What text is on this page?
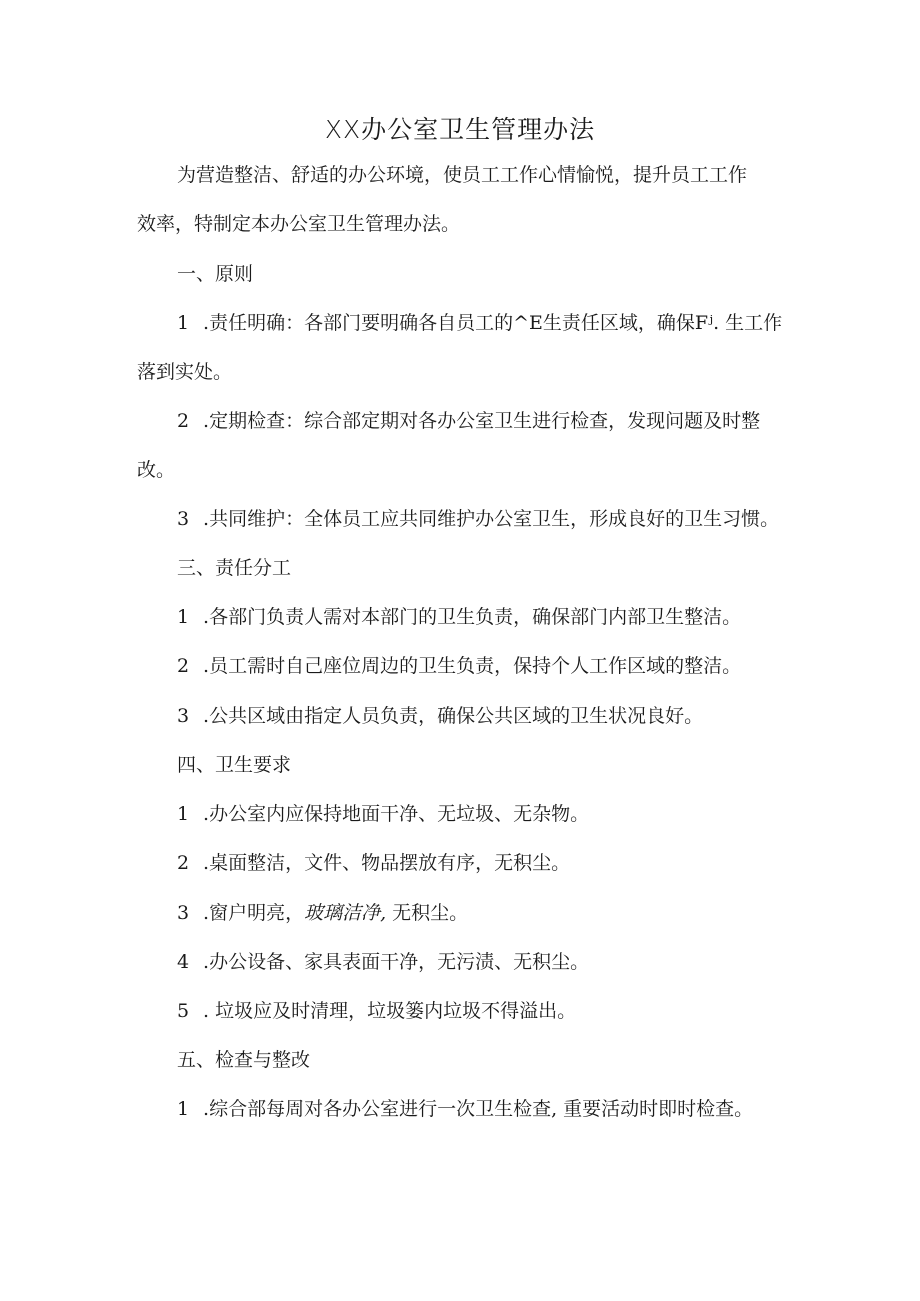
XX办公室卫生管理办法
为营造整洁、舒适的办公环境，使员工工作心情愉悦，提升员工工作
效率，特制定本办公室卫生管理办法。
一、原则
1 .责任明确：各部门要明确各自员工的^E生责任区域，确保Fʲ. 生工作
落到实处。
2 .定期检查：综合部定期对各办公室卫生进行检查，发现问题及时整
改。
3 .共同维护：全体员工应共同维护办公室卫生，形成良好的卫生习惯。
三、责任分工
1 .各部门负责人需对本部门的卫生负责，确保部门内部卫生整洁。
2 .员工需时自己座位周边的卫生负责，保持个人工作区域的整洁。
3 .公共区域由指定人员负责，确保公共区域的卫生状况良好。
四、卫生要求
1 .办公室内应保持地面干净、无垃圾、无杂物。
2 .桌面整洁，文件、物品摆放有序，无积尘。
3 .窗户明亮，玻璃洁净, 无积尘。
4 .办公设备、家具表面干净，无污渍、无积尘。
5 . 垃圾应及时清理，垃圾篓内垃圾不得溢出。
五、检查与整改
1 .综合部每周对各办公室进行一次卫生检查, 重要活动时即时检查。
